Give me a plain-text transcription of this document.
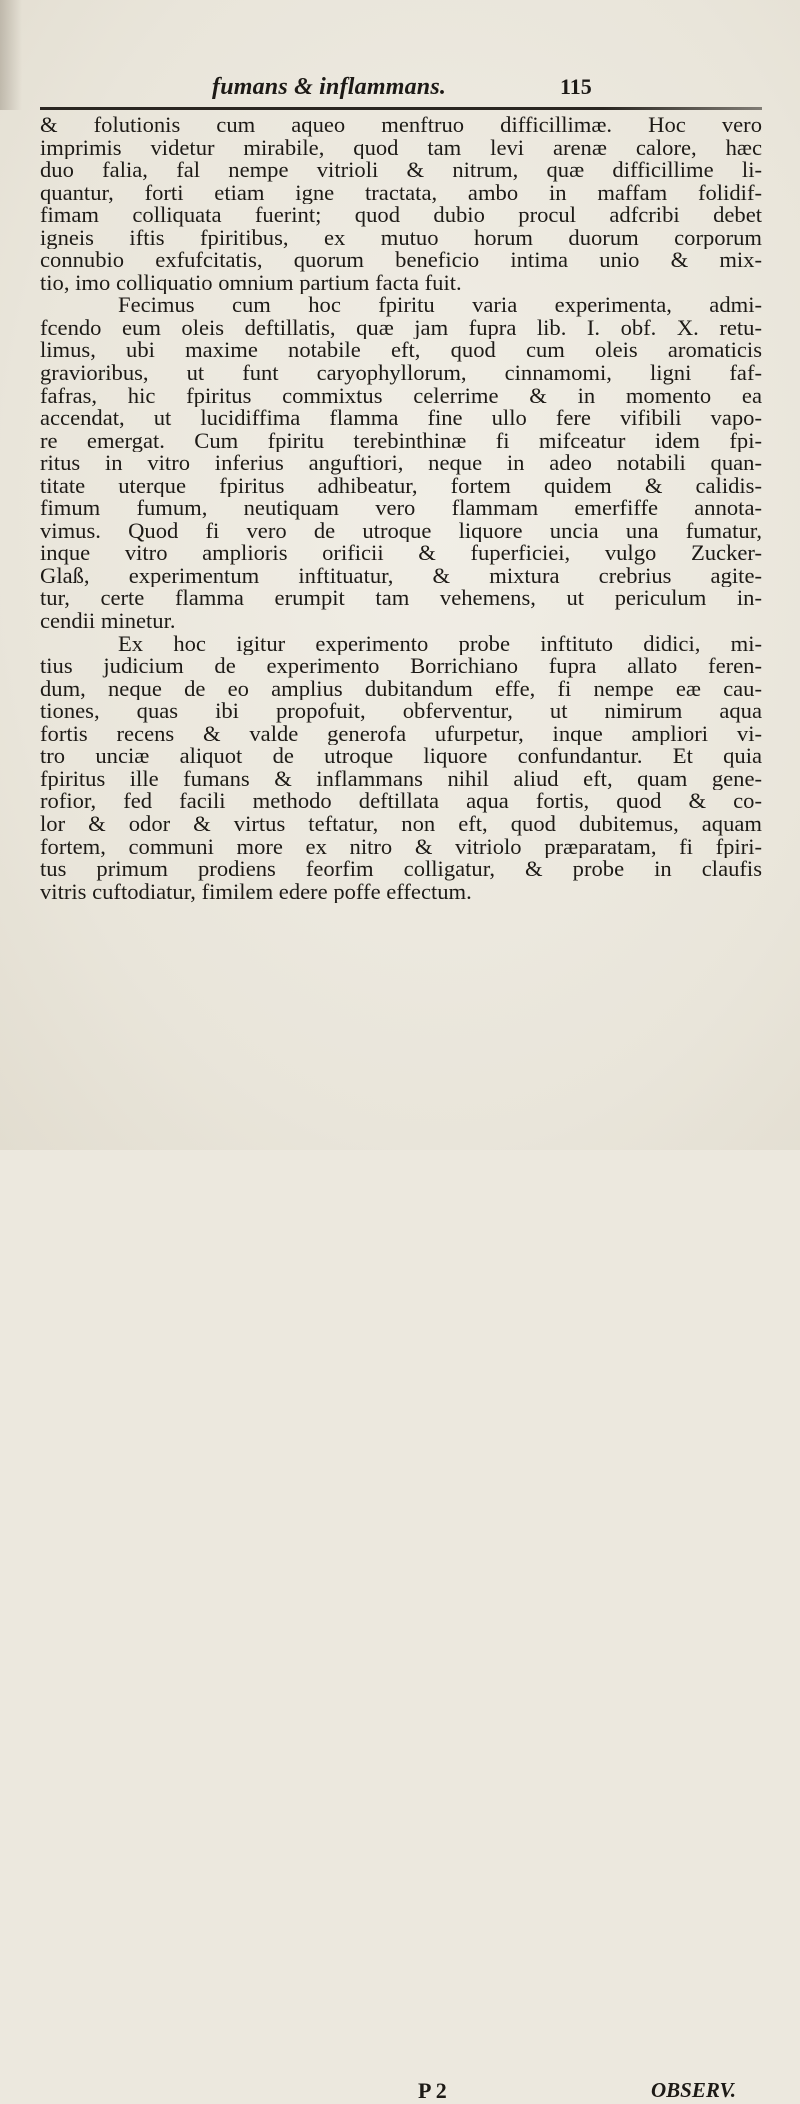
fumans & inflammans.	115
& folutionis cum aqueo menftruo difficillimæ. Hoc vero
imprimis videtur mirabile, quod tam levi arenæ calore, hæc
duo falia, fal nempe vitrioli & nitrum, quæ difficillime li-
quantur, forti etiam igne tractata, ambo in maffam folidif-
fimam colliquata fuerint; quod dubio procul adfcribi debet
igneis iftis fpiritibus, ex mutuo horum duorum corporum
connubio exfufcitatis, quorum beneficio intima unio & mix-
tio, imo colliquatio omnium partium facta fuit.
Fecimus cum hoc fpiritu varia experimenta, admi-
fcendo eum oleis deftillatis, quæ jam fupra lib. I. obf. X. retu-
limus, ubi maxime notabile eft, quod cum oleis aromaticis
gravioribus, ut funt caryophyllorum, cinnamomi, ligni faf-
fafras, hic fpiritus commixtus celerrime & in momento ea
accendat, ut lucidiffima flamma fine ullo fere vifibili vapo-
re emergat. Cum fpiritu terebinthinæ fi mifceatur idem fpi-
ritus in vitro inferius anguftiori, neque in adeo notabili quan-
titate uterque fpiritus adhibeatur, fortem quidem & calidis-
fimum fumum, neutiquam vero flammam emerfiffe annota-
vimus. Quod fi vero de utroque liquore uncia una fumatur,
inque vitro amplioris orificii & fuperficiei, vulgo Zucker-
Glaß, experimentum inftituatur, & mixtura crebrius agite-
tur, certe flamma erumpit tam vehemens, ut periculum in-
cendii minetur.
Ex hoc igitur experimento probe inftituto didici, mi-
tius judicium de experimento Borrichiano fupra allato feren-
dum, neque de eo amplius dubitandum effe, fi nempe eæ cau-
tiones, quas ibi propofuit, obferventur, ut nimirum aqua
fortis recens & valde generofa ufurpetur, inque ampliori vi-
tro unciæ aliquot de utroque liquore confundantur. Et quia
fpiritus ille fumans & inflammans nihil aliud eft, quam gene-
rofior, fed facili methodo deftillata aqua fortis, quod & co-
lor & odor & virtus teftatur, non eft, quod dubitemus, aquam
fortem, communi more ex nitro & vitriolo præparatam, fi fpiri-
tus primum prodiens feorfim colligatur, & probe in claufis
vitris cuftodiatur, fimilem edere poffe effectum.
P 2	OBSERV.
